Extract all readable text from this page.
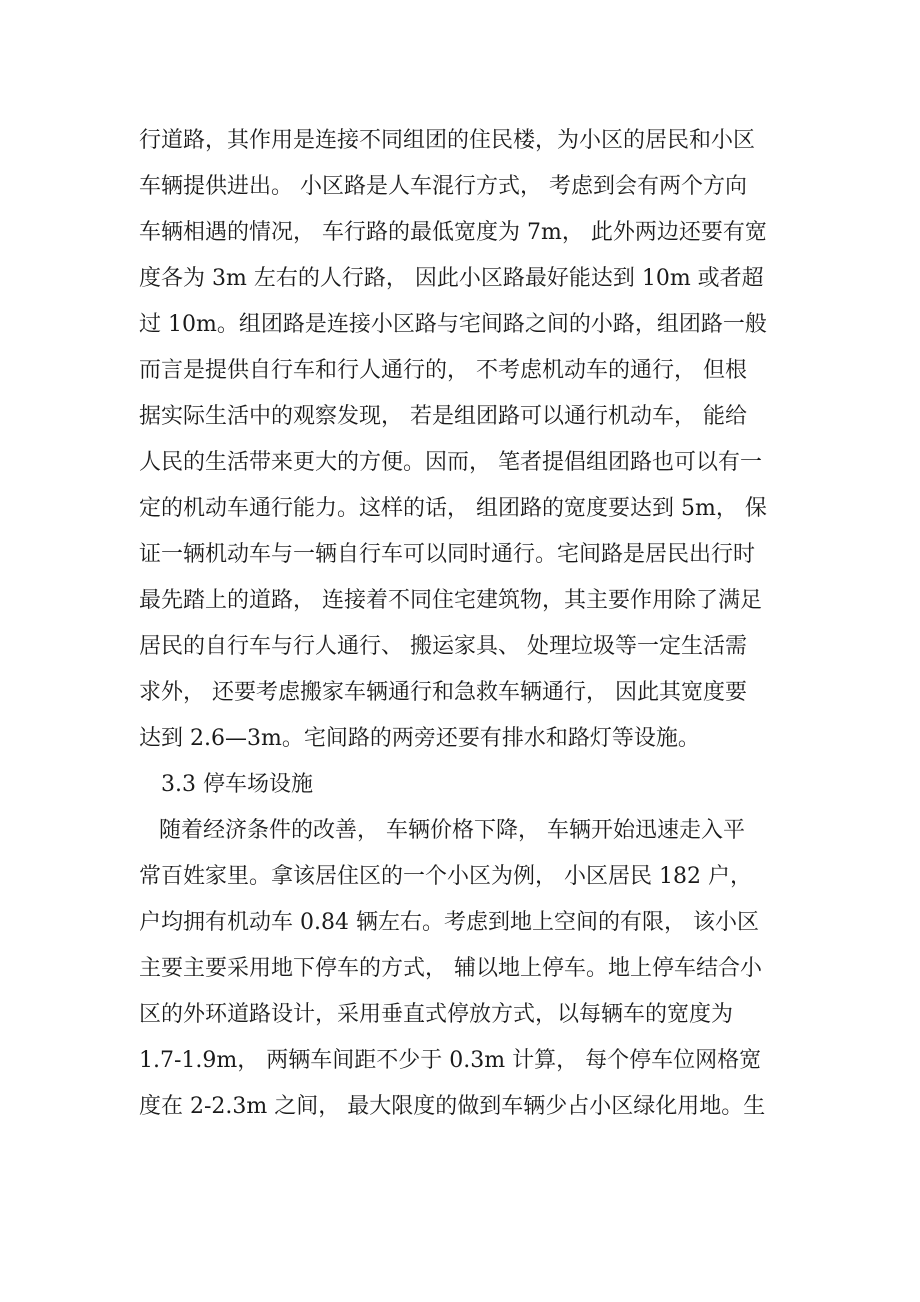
行道路，其作用是连接不同组团的住民楼，为小区的居民和小区
车辆提供进出。 小区路是人车混行方式， 考虑到会有两个方向
车辆相遇的情况， 车行路的最低宽度为 7m， 此外两边还要有宽
度各为 3m 左右的人行路， 因此小区路最好能达到 10m 或者超
过 10m。组团路是连接小区路与宅间路之间的小路，组团路一般
而言是提供自行车和行人通行的， 不考虑机动车的通行， 但根
据实际生活中的观察发现， 若是组团路可以通行机动车， 能给
人民的生活带来更大的方便。因而， 笔者提倡组团路也可以有一
定的机动车通行能力。这样的话， 组团路的宽度要达到 5m， 保
证一辆机动车与一辆自行车可以同时通行。宅间路是居民出行时
最先踏上的道路， 连接着不同住宅建筑物，其主要作用除了满足
居民的自行车与行人通行、 搬运家具、 处理垃圾等一定生活需
求外， 还要考虑搬家车辆通行和急救车辆通行， 因此其宽度要
达到 2.6—3m。宅间路的两旁还要有排水和路灯等设施。
3.3 停车场设施
随着经济条件的改善， 车辆价格下降， 车辆开始迅速走入平
常百姓家里。拿该居住区的一个小区为例， 小区居民 182 户，
户均拥有机动车 0.84 辆左右。考虑到地上空间的有限， 该小区
主要主要采用地下停车的方式， 辅以地上停车。地上停车结合小
区的外环道路设计，采用垂直式停放方式，以每辆车的宽度为
1.7-1.9m， 两辆车间距不少于 0.3m 计算， 每个停车位网格宽
度在 2-2.3m 之间， 最大限度的做到车辆少占小区绿化用地。生
